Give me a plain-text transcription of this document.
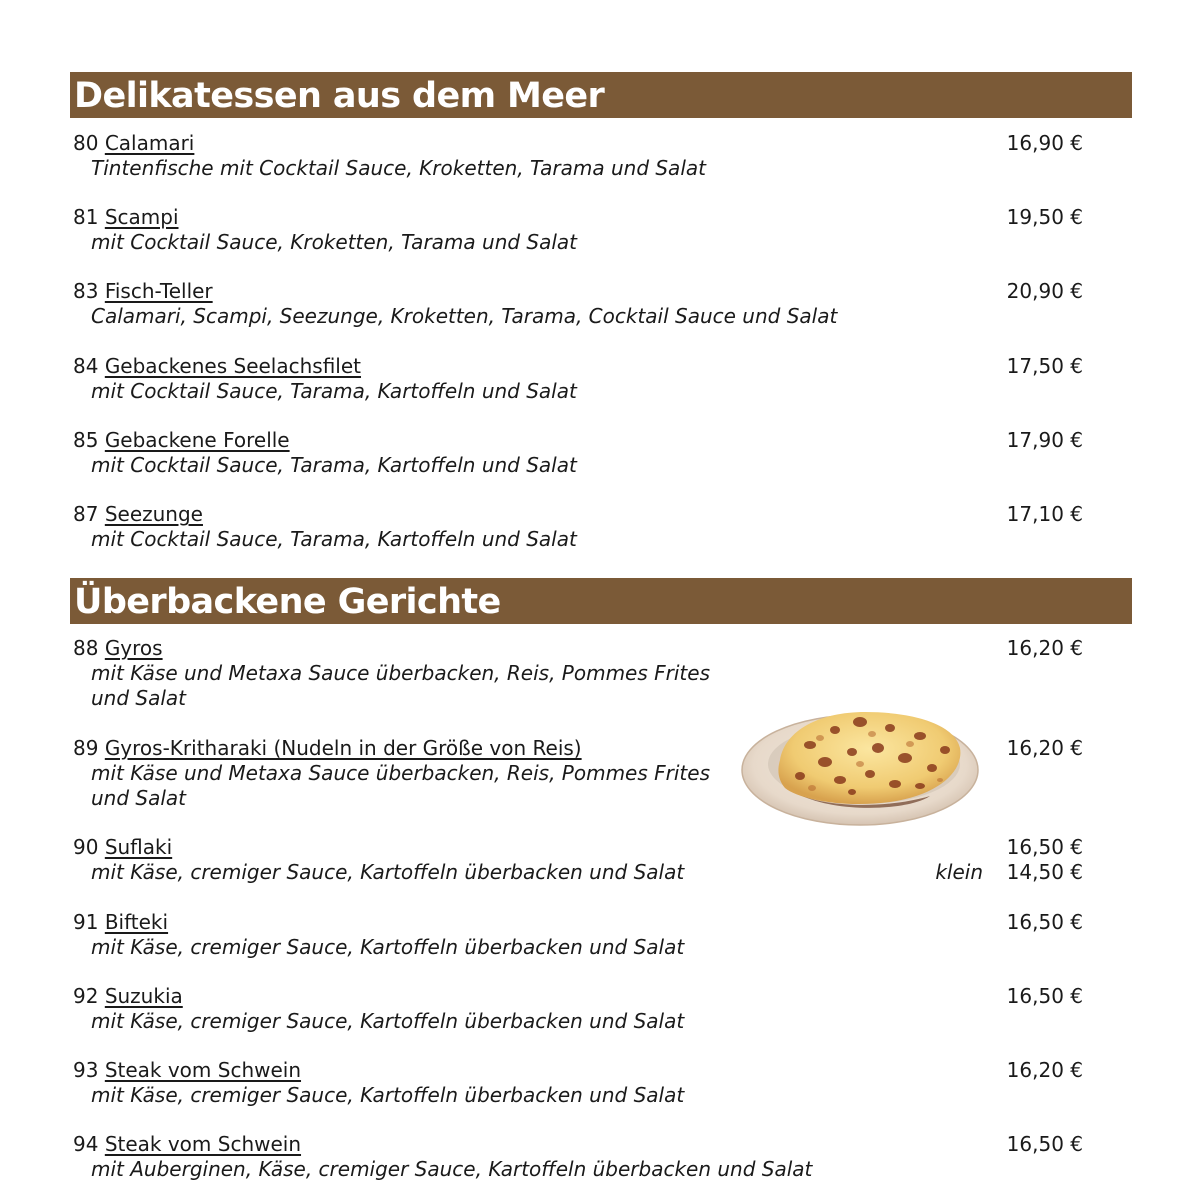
Delikatessen aus dem Meer
80 Calamari	16,90 €
Tintenfische mit Cocktail Sauce, Kroketten, Tarama und Salat
81 Scampi	19,50 €
mit Cocktail Sauce, Kroketten, Tarama und Salat
83 Fisch-Teller	20,90 €
Calamari, Scampi, Seezunge, Kroketten, Tarama, Cocktail Sauce und Salat
84 Gebackenes Seelachsfilet	17,50 €
mit Cocktail Sauce, Tarama, Kartoffeln und Salat
85 Gebackene Forelle	17,90 €
mit Cocktail Sauce, Tarama, Kartoffeln und Salat
87 Seezunge	17,10 €
mit Cocktail Sauce, Tarama, Kartoffeln und Salat
Überbackene Gerichte
88 Gyros	16,20 €
mit Käse und Metaxa Sauce überbacken, Reis, Pommes Frites
und Salat
89 Gyros-Kritharaki (Nudeln in der Größe von Reis)	16,20 €
mit Käse und Metaxa Sauce überbacken, Reis, Pommes Frites
und Salat
90 Suflaki	16,50 €
mit Käse, cremiger Sauce, Kartoffeln überbacken und Salat	klein 14,50 €
91 Bifteki	16,50 €
mit Käse, cremiger Sauce, Kartoffeln überbacken und Salat
92 Suzukia	16,50 €
mit Käse, cremiger Sauce, Kartoffeln überbacken und Salat
93 Steak vom Schwein	16,20 €
mit Käse, cremiger Sauce, Kartoffeln überbacken und Salat
94 Steak vom Schwein	16,50 €
mit Auberginen, Käse, cremiger Sauce, Kartoffeln überbacken und Salat
